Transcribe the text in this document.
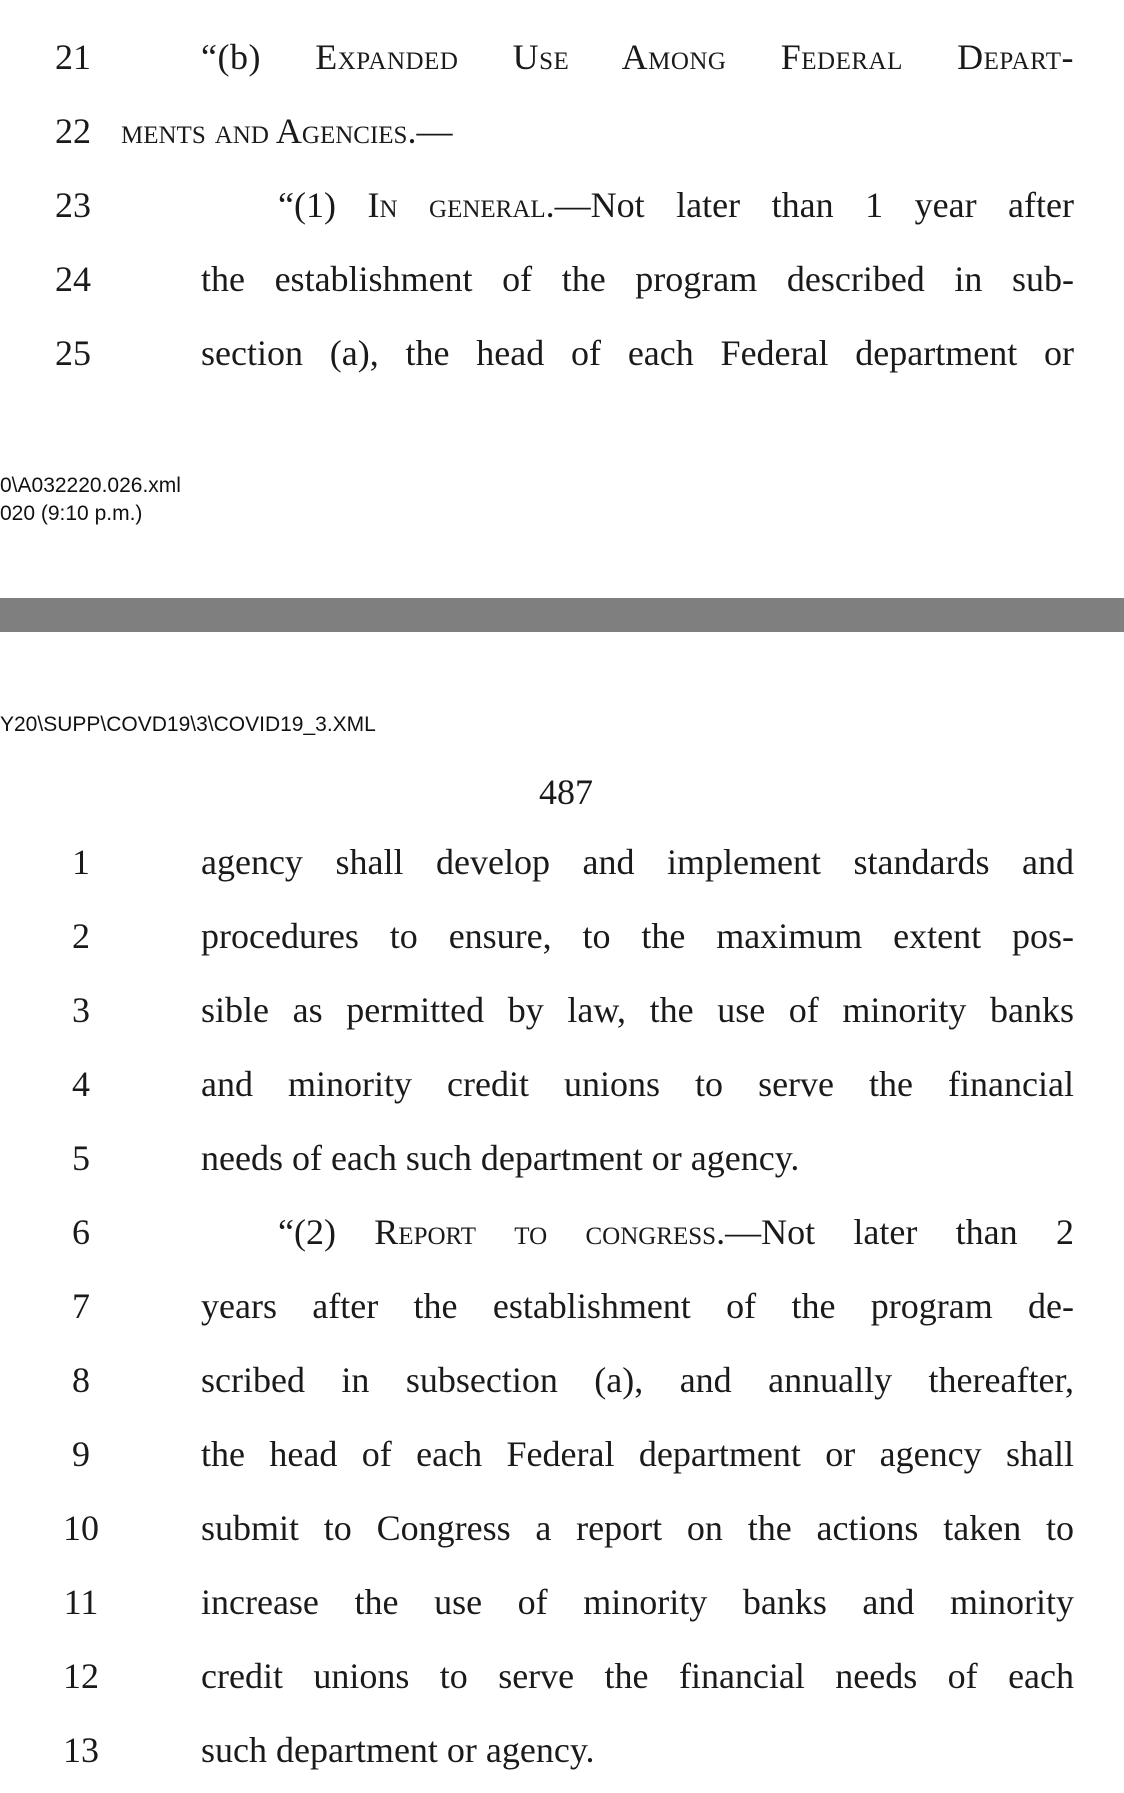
21	“(b) Expanded Use Among Federal Depart-
22 ments and Agencies.—
23	“(1) In general.—Not later than 1 year after
24	the establishment of the program described in sub-
25	section (a), the head of each Federal department or
0\A032220.026.xml
020 (9:10 p.m.)
Y20\SUPP\COVD19\3\COVID19_3.XML
487
1	agency shall develop and implement standards and
2	procedures to ensure, to the maximum extent pos-
3	sible as permitted by law, the use of minority banks
4	and minority credit unions to serve the financial
5	needs of each such department or agency.
6	“(2) Report to congress.—Not later than 2
7	years after the establishment of the program de-
8	scribed in subsection (a), and annually thereafter,
9	the head of each Federal department or agency shall
10	submit to Congress a report on the actions taken to
11	increase the use of minority banks and minority
12	credit unions to serve the financial needs of each
13	such department or agency.
